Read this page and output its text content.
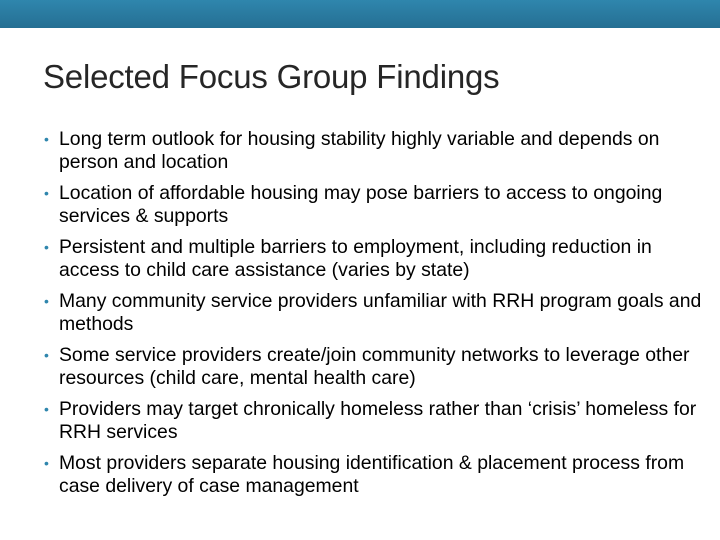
Selected Focus Group Findings
• Long term outlook for housing stability highly variable and depends on person and location
• Location of affordable housing may pose barriers to access to ongoing services & supports
• Persistent and multiple barriers to employment, including reduction in access to child care assistance (varies by state)
• Many community service providers unfamiliar with RRH program goals and methods
• Some service providers create/join community networks to leverage other resources (child care, mental health care)
• Providers may target chronically homeless rather than ‘crisis’ homeless for RRH services
• Most providers separate housing identification & placement process from case delivery of case management
